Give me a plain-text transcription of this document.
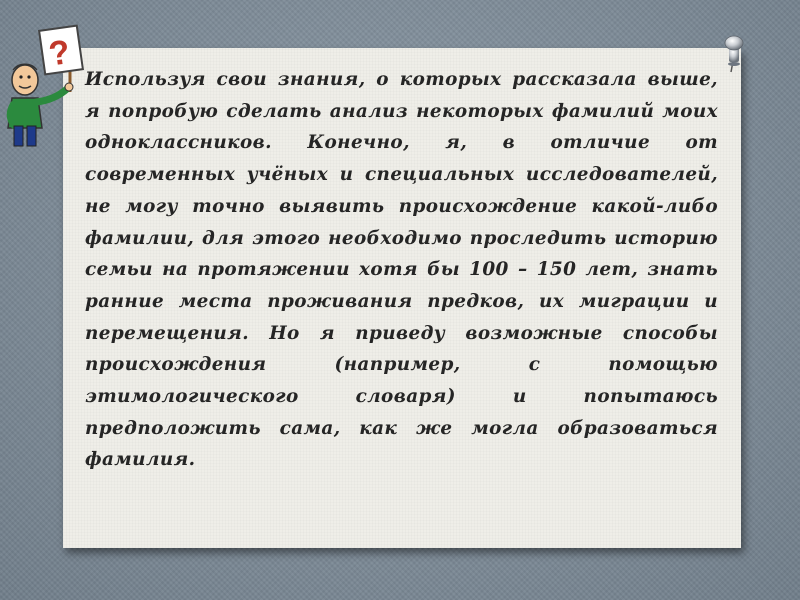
Используя свои знания, о которых рассказала выше, я попробую сделать анализ некоторых фамилий моих одноклассников. Конечно, я, в отличие от современных учёных и специальных исследователей, не могу точно выявить происхождение какой-либо фамилии, для этого необходимо проследить историю семьи на протяжении хотя бы 100 – 150 лет, знать ранние места проживания предков, их миграции и перемещения. Но я приведу возможные способы происхождения (например, с помощью этимологического словаря) и попытаюсь предположить сама, как же могла образоваться фамилия.

?
